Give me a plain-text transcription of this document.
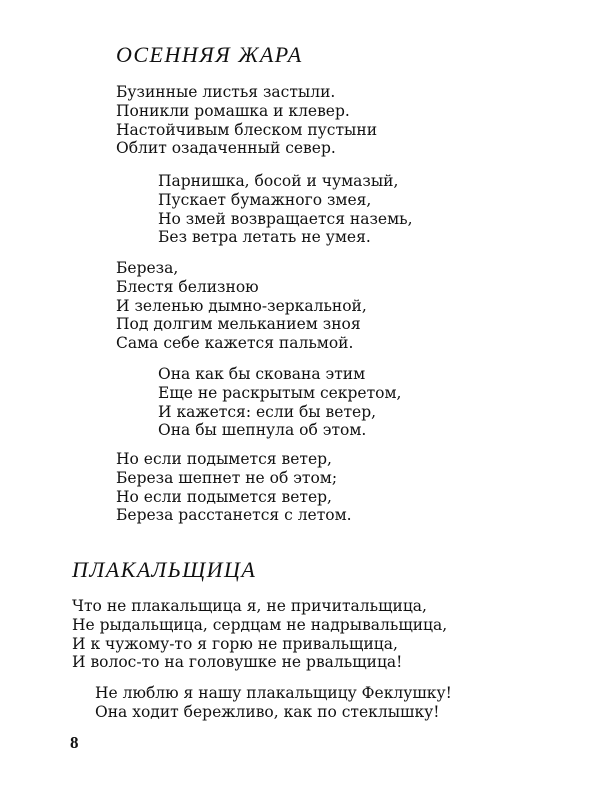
ОСЕННЯЯ ЖАРА
Бузинные листья застыли.
Поникли ромашка и клевер.
Настойчивым блеском пустыни
Облит озадаченный север.
Парнишка, босой и чумазый,
Пускает бумажного змея,
Но змей возвращается наземь,
Без ветра летать не умея.
Береза,
Блестя белизною
И зеленью дымно-зеркальной,
Под долгим мельканием зноя
Сама себе кажется пальмой.
Она как бы скована этим
Еще не раскрытым секретом,
И кажется: если бы ветер,
Она бы шепнула об этом.
Но если подымется ветер,
Береза шепнет не об этом;
Но если подымется ветер,
Береза расстанется с летом.
ПЛАКАЛЬЩИЦА
Что не плакальщица я, не причитальщица,
Не рыдальщица, сердцам не надрывальщица,
И к чужому-то я горю не привальщица,
И волос-то на головушке не рвальщица!
Не люблю я нашу плакальщицу Феклушку!
Она ходит бережливо, как по стеклышку!
8
